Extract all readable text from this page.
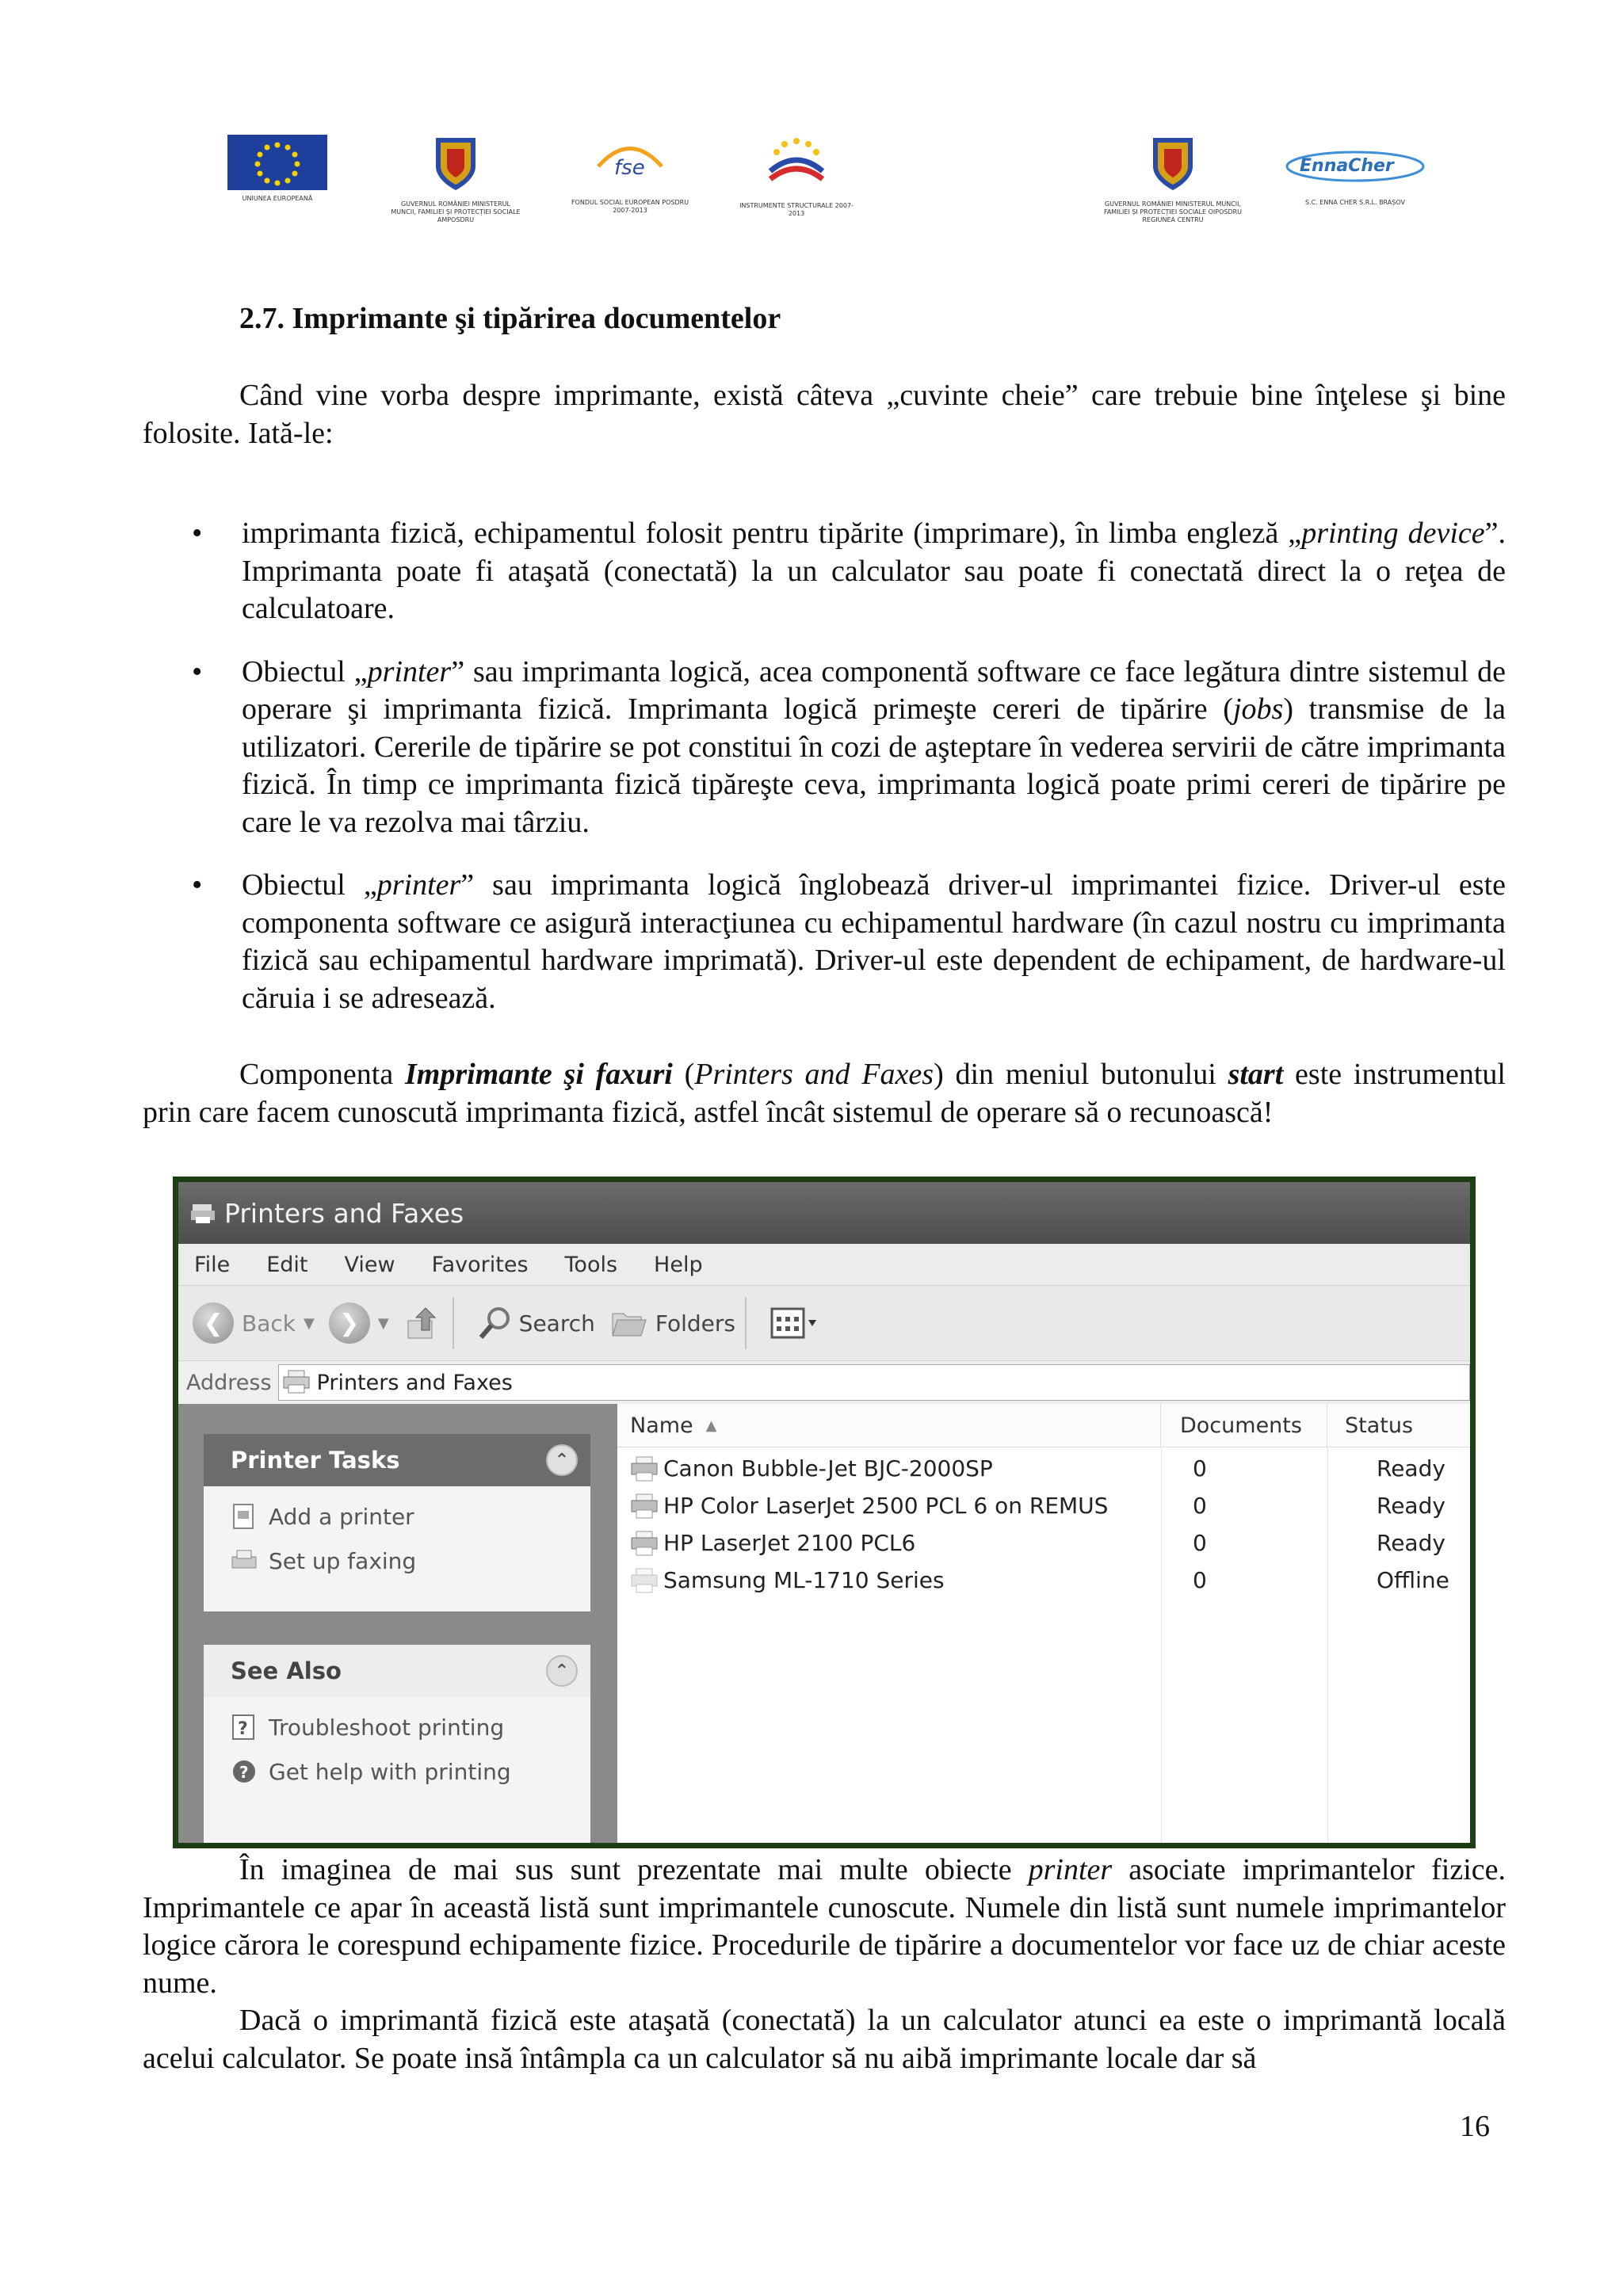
UNIUNEA EUROPEANĂ
GUVERNUL ROMÂNIEI MINISTERUL MUNCII, FAMILIEI ȘI PROTECȚIEI SOCIALE AMPOSDRU
fse
FONDUL SOCIAL EUROPEAN POSDRU 2007-2013
INSTRUMENTE STRUCTURALE 2007-2013
GUVERNUL ROMÂNIEI MINISTERUL MUNCII, FAMILIEI ȘI PROTECȚIEI SOCIALE OIPOSDRU REGIUNEA CENTRU
EnnaCher
S.C. ENNA CHER S.R.L. BRAȘOV
2.7. Imprimante şi tipărirea documentelor
Când vine vorba despre imprimante, există câteva „cuvinte cheie” care trebuie bine înţelese şi bine folosite. Iată-le:
• imprimanta fizică, echipamentul folosit pentru tipărite (imprimare), în limba engleză „printing device”. Imprimanta poate fi ataşată (conectată) la un calculator sau poate fi conectată direct la o reţea de calculatoare.
• Obiectul „printer” sau imprimanta logică, acea componentă software ce face legătura dintre sistemul de operare şi imprimanta fizică. Imprimanta logică primeşte cereri de tipărire (jobs) transmise de la utilizatori. Cererile de tipărire se pot constitui în cozi de aşteptare în vederea servirii de către imprimanta fizică. În timp ce imprimanta fizică tipăreşte ceva, imprimanta logică poate primi cereri de tipărire pe care le va rezolva mai târziu.
• Obiectul „printer” sau imprimanta logică înglobează driver-ul imprimantei fizice. Driver-ul este componenta software ce asigură interacţiunea cu echipamentul hardware (în cazul nostru cu imprimanta fizică sau echipamentul hardware imprimată). Driver-ul este dependent de echipament, de hardware-ul căruia i se adresează.
Componenta Imprimante şi faxuri (Printers and Faxes) din meniul butonului start este instrumentul prin care facem cunoscută imprimanta fizică, astfel încât sistemul de operare să o recunoască!
Printers and Faxes
File Edit View Favorites Tools Help
❮ Back ▼	❯	▼	Search	Folders
Address Printers and Faxes
Printer Tasks	⌃
Add a printer
Set up faxing
See Also	⌃
? Troubleshoot printing
? Get help with printing
Name ▲	Documents	Status
Canon Bubble-Jet BJC-2000SP	0	Ready
HP Color LaserJet 2500 PCL 6 on REMUS	0	Ready
HP LaserJet 2100 PCL6	0	Ready
Samsung ML-1710 Series	0	Offline
În imaginea de mai sus sunt prezentate mai multe obiecte printer asociate imprimantelor fizice. Imprimantele ce apar în această listă sunt imprimantele cunoscute. Numele din listă sunt numele imprimantelor logice cărora le corespund echipamente fizice. Procedurile de tipărire a documentelor vor face uz de chiar aceste nume.
Dacă o imprimantă fizică este ataşată (conectată) la un calculator atunci ea este o imprimantă locală acelui calculator. Se poate insă întâmpla ca un calculator să nu aibă imprimante locale dar să
16
